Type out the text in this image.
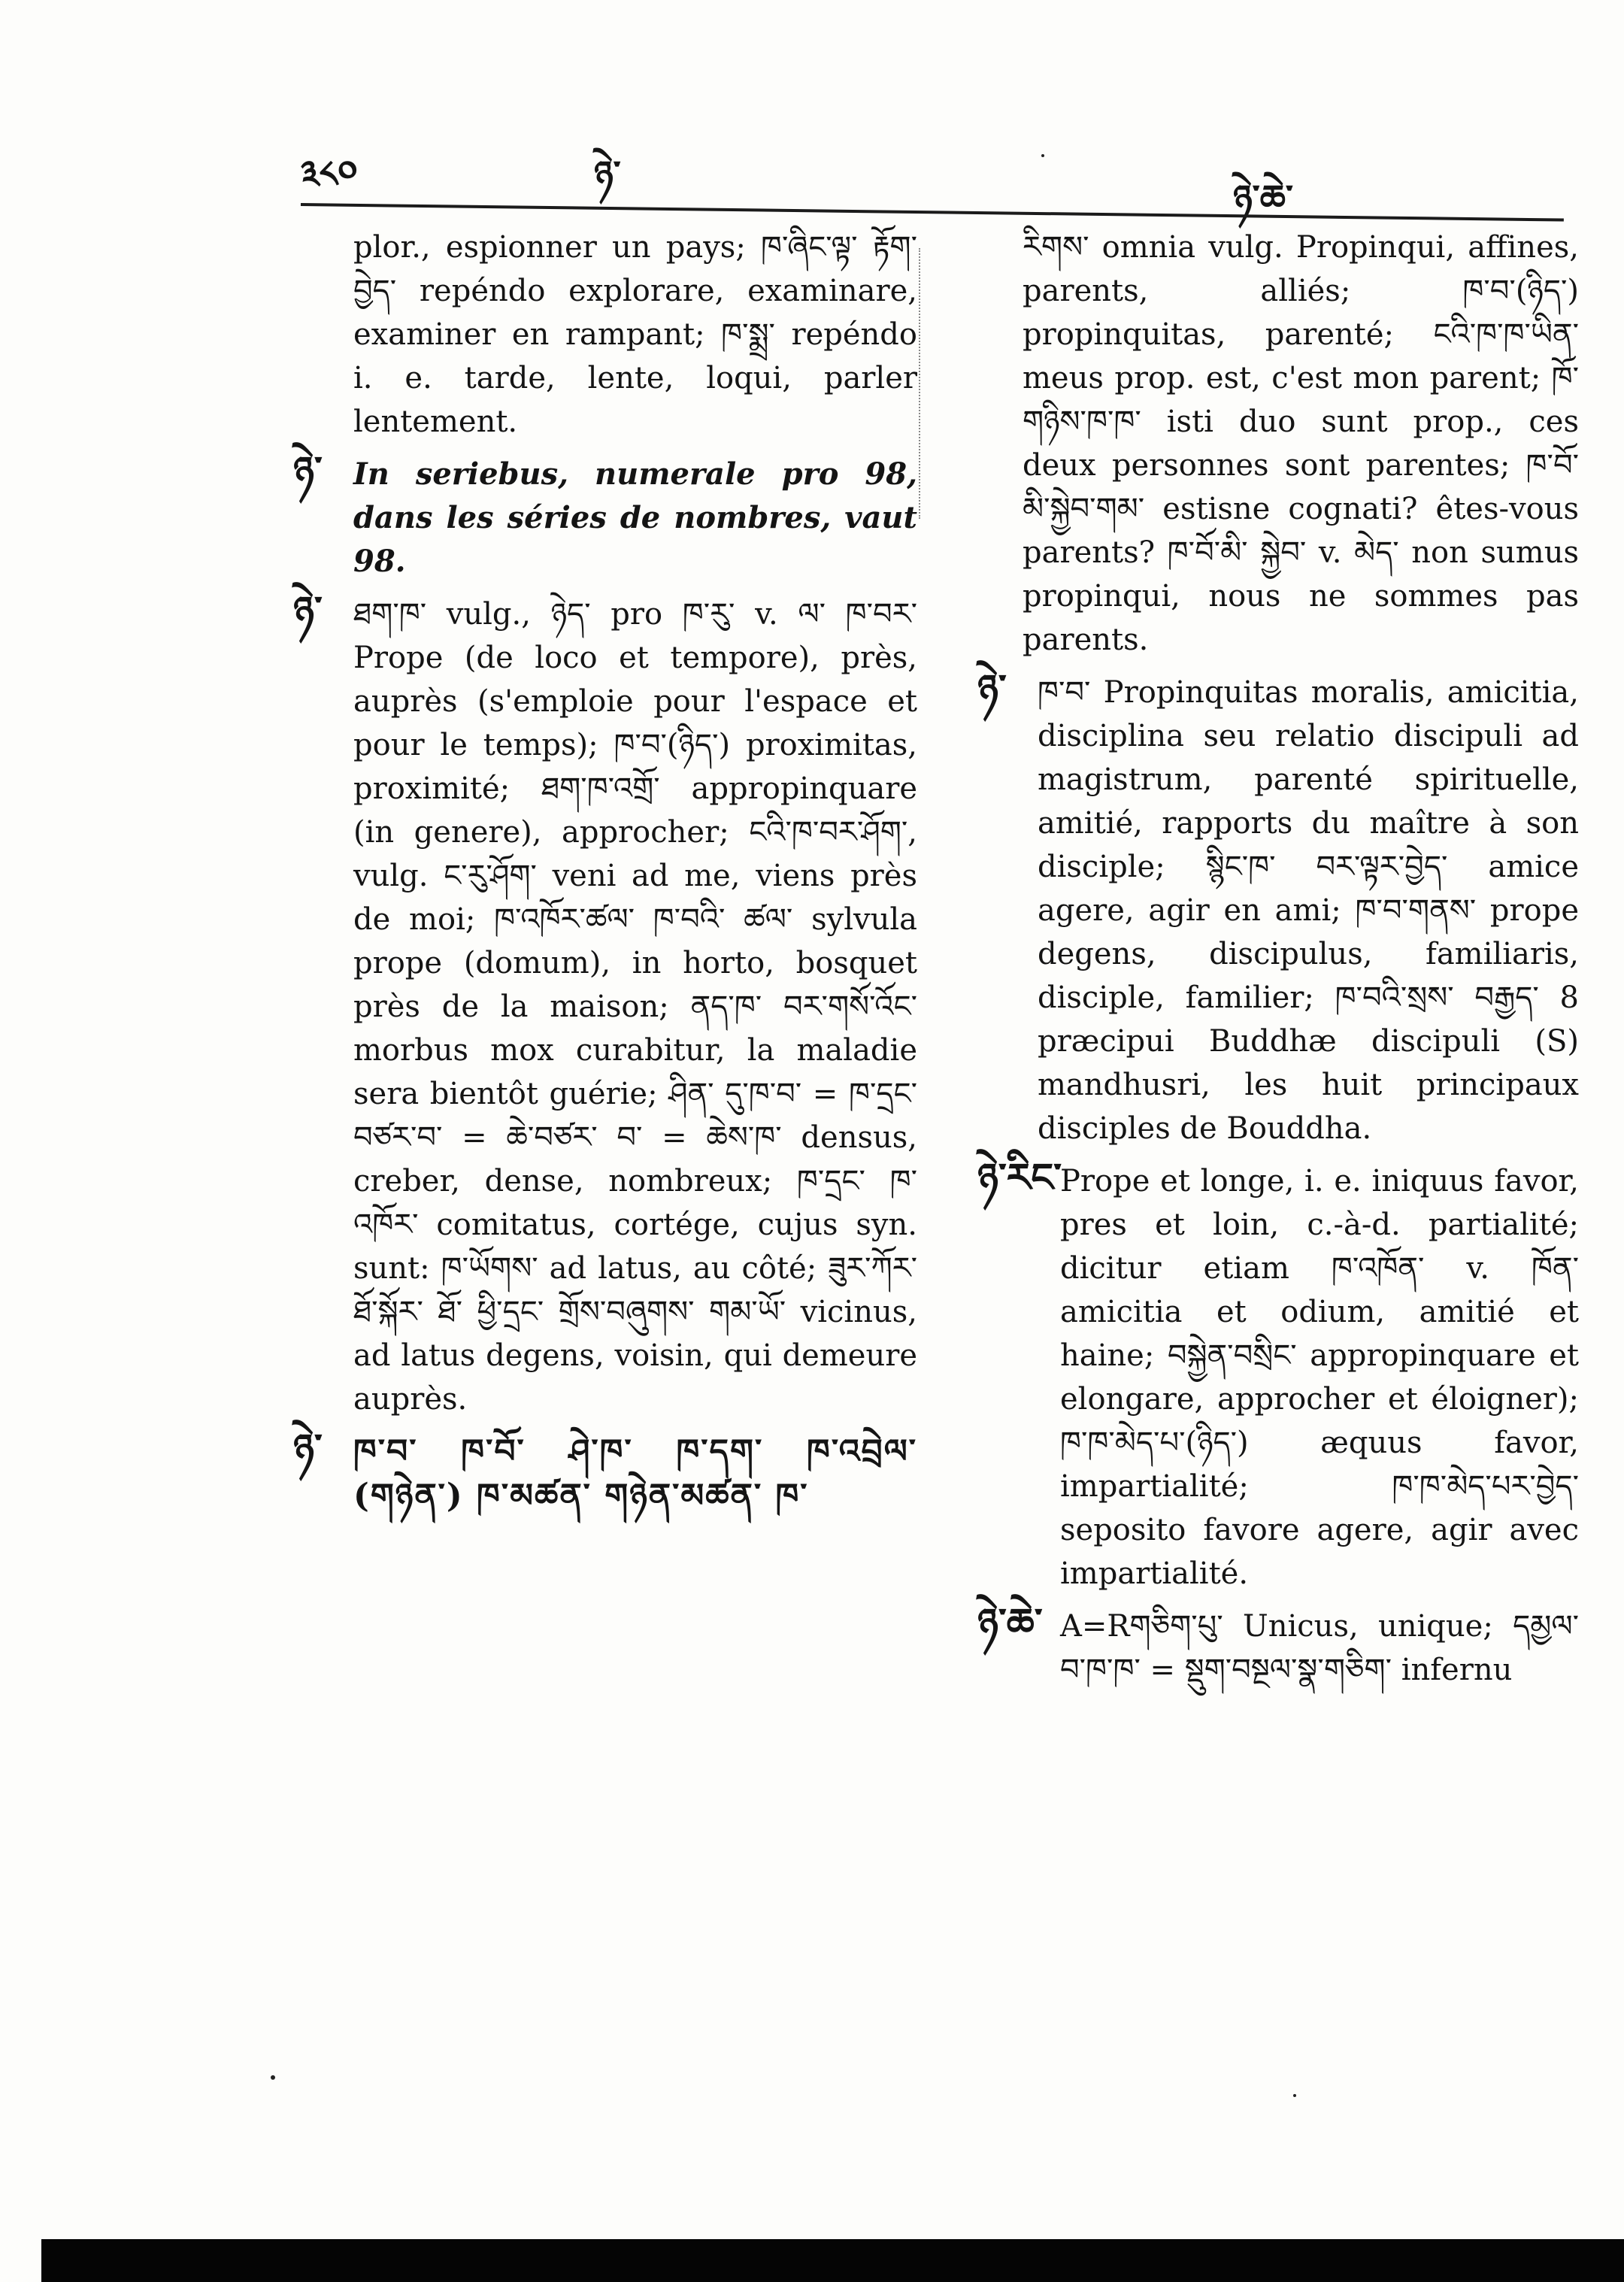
༣༨༠	ཉེ་
ཉེ་ཆེ་
plor., espionner un pays; ཁ་ཞིང་ལྟ་ རྟོག་བྱེད་ repéndo explorare, examinare, examiner en rampant; ཁ་སྨྲ་ repéndo i. e. tarde, lente, loqui, parler lentement.
ཉེ་ In seriebus, numerale pro 98, dans les séries de nombres, vaut 98.
ཉེ་ ཐག་ཁ་ vulg., ཉེད་ pro ཁ་རུ་ v. ལ་ ཁ་བར་ Prope (de loco et tempore), près, auprès (s'emploie pour l'espace et pour le temps); ཁ་བ་(ཉིད་) proximitas, proximité; ཐག་ཁ་འགྲོ་ appropinquare (in genere), approcher; ངའི་ཁ་བར་ཤོག་, vulg. ང་རུ་ཤོག་ veni ad me, viens près de moi; ཁ་འཁོར་ཚལ་ ཁ་བའི་ ཚལ་ sylvula prope (domum), in horto, bosquet près de la maison; ནད་ཁ་ བར་གསོ་འོང་ morbus mox curabitur, la maladie sera bientôt guérie; ཤིན་ དུ་ཁ་བ་ = ཁ་དྲང་བཙར་བ་ = ཆེ་བཙར་ བ་ = ཆེས་ཁ་ densus, creber, dense, nombreux; ཁ་དྲང་ ཁ་འཁོར་ comitatus, cortége, cujus syn. sunt: ཁ་ཡོགས་ ad latus, au côté; ཟུར་ཀོར་ ཐོ་སྐོར་ ཐོ་ ཕྱི་དྲང་ གྲོས་བཞུགས་ གམ་ཡོ་ vicinus, ad latus degens, voisin, qui demeure auprès.
ཉེ་ ཁ་བ་ ཁ་བོ་ ཤེ་ཁ་ ཁ་དག་ ཁ་འབྲེལ་ (གཉེན་) ཁ་མཚན་ གཉེན་མཚན་ ཁ་
རིགས་ omnia vulg. Propinqui, affines, parents, alliés; ཁ་བ་(ཉིད་) propinquitas, parenté; ངའི་ཁ་ཁ་ཡིན་ meus prop. est, c'est mon parent; ཁོ་གཉིས་ཁ་ཁ་ isti duo sunt prop., ces deux personnes sont parentes; ཁ་བོ་མི་སྐྱེབ་གམ་ estisne cognati? êtes-vous parents? ཁ་བོ་མི་ སྐྱེབ་ v. མེད་ non sumus propinqui, nous ne sommes pas parents.
ཉེ་ ཁ་བ་ Propinquitas moralis, amicitia, disciplina seu relatio discipuli ad magistrum, parenté spirituelle, amitié, rapports du maître à son disciple; སྙིང་ཁ་ བར་ལྟར་བྱེད་ amice agere, agir en ami; ཁ་བ་གནས་ prope degens, discipulus, familiaris, disciple, familier; ཁ་བའི་སྲས་ བརྒྱད་ 8 præcipui Buddhæ discipuli (S) mandhusri, les huit principaux disciples de Bouddha.
ཉེ་རིང་
Prope et longe, i. e. iniquus favor, pres et loin, c.-à-d. partialité; dicitur etiam ཁ་འཁོན་ v. ཁོན་ amicitia et odium, amitié et haine; བསྐྱེན་བསྲིང་ appropinquare et elongare, approcher et éloigner); ཁ་ཁ་མེད་པ་(ཉིད་) æquus favor, impartialité; ཁ་ཁ་མེད་པར་བྱེད་ seposito favore agere, agir avec impartialité.
ཉེ་ཆེ་ A=Rགཅིག་པུ་ Unicus, unique; དམྱལ་ བ་ཁ་ཁ་ = སྡུག་བསྔལ་སྣ་གཅིག་ infernu
